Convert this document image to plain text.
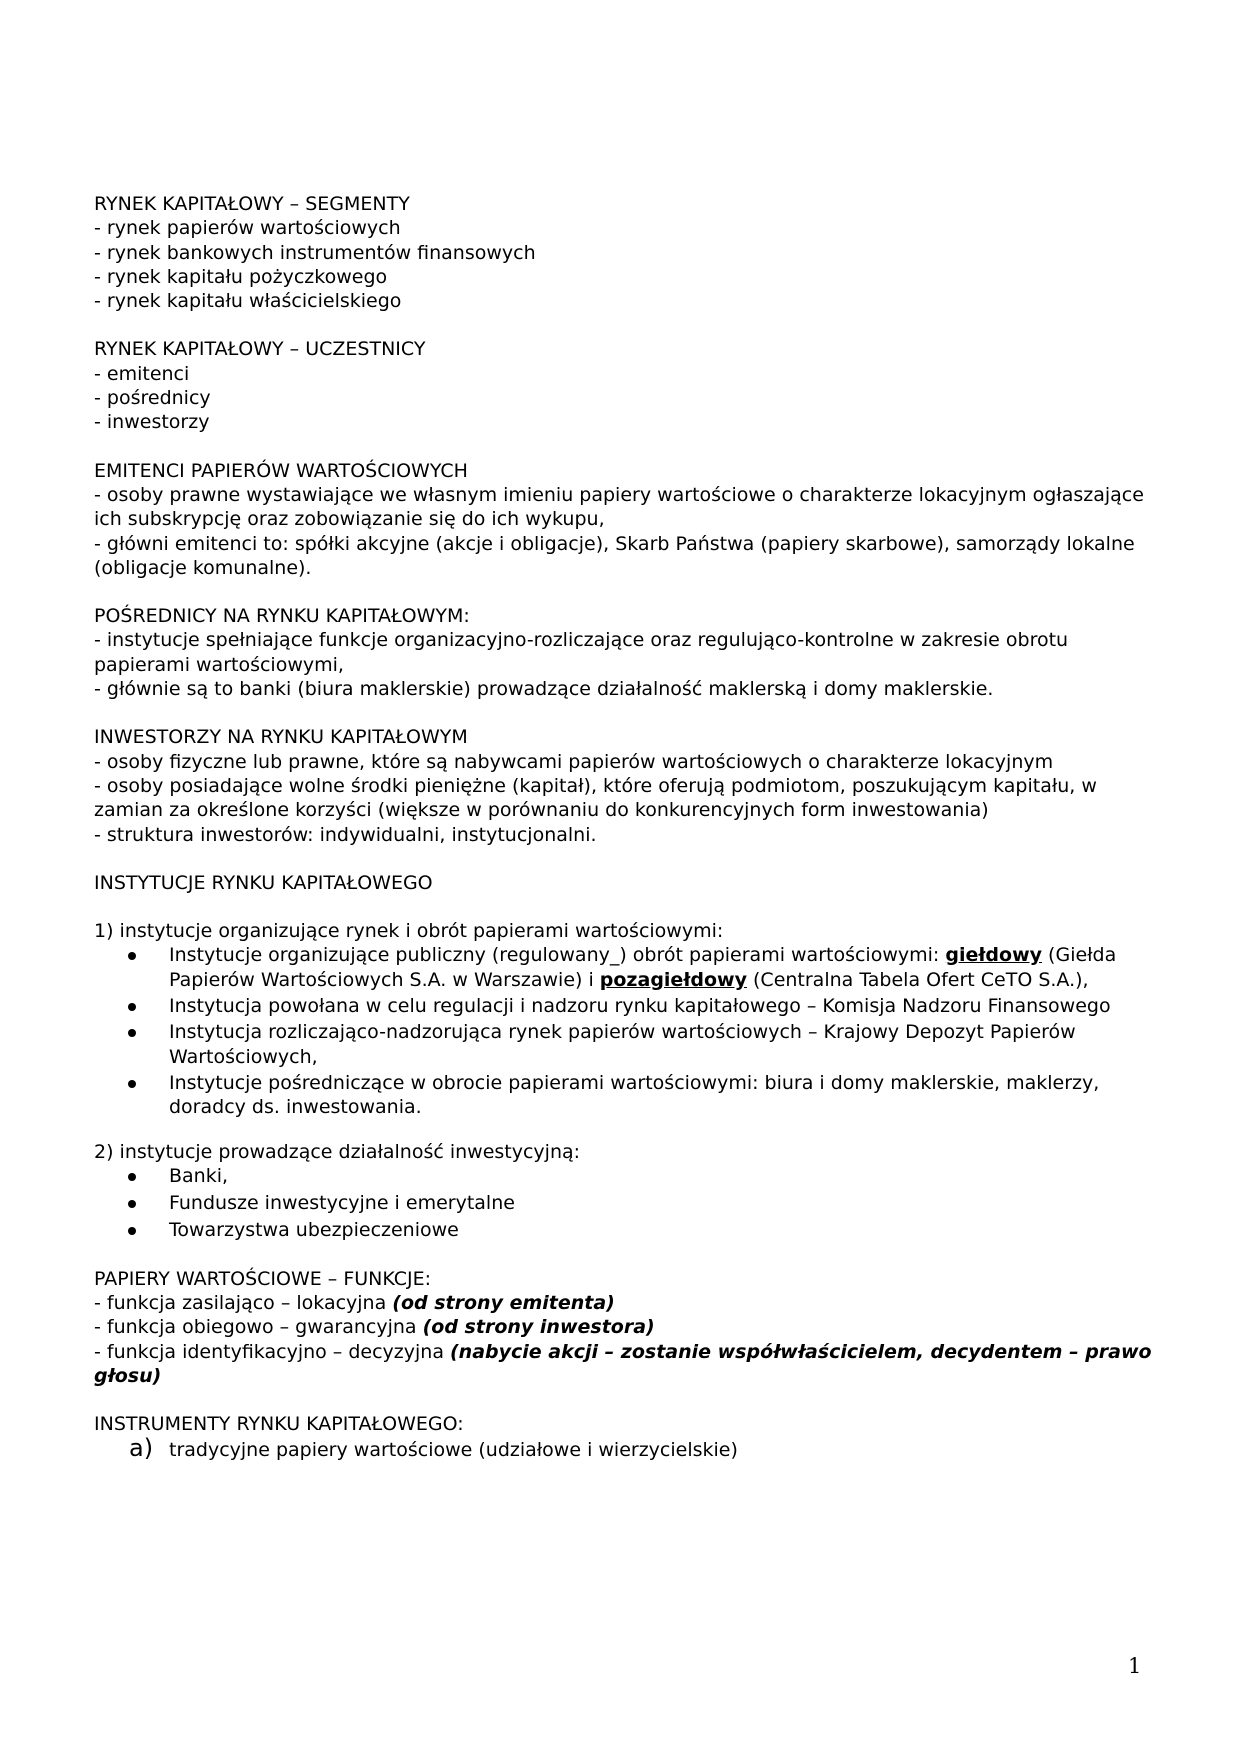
RYNEK KAPITAŁOWY – SEGMENTY

- rynek papierów wartościowych

- rynek bankowych instrumentów finansowych

- rynek kapitału pożyczkowego

- rynek kapitału właścicielskiego

RYNEK KAPITAŁOWY – UCZESTNICY

- emitenci

- pośrednicy

- inwestorzy

EMITENCI PAPIERÓW WARTOŚCIOWYCH

- osoby prawne wystawiające we własnym imieniu papiery wartościowe o charakterze lokacyjnym ogłaszające ich subskrypcję oraz zobowiązanie się do ich wykupu,

- główni emitenci to: spółki akcyjne (akcje i obligacje), Skarb Państwa (papiery skarbowe), samorządy lokalne (obligacje komunalne).

POŚREDNICY NA RYNKU KAPITAŁOWYM:

- instytucje spełniające funkcje organizacyjno-rozliczające oraz regulująco-kontrolne w zakresie obrotu papierami wartościowymi,

- głównie są to banki (biura maklerskie) prowadzące działalność maklerską i domy maklerskie.

INWESTORZY NA RYNKU KAPITAŁOWYM

- osoby fizyczne lub prawne, które są nabywcami papierów wartościowych o charakterze lokacyjnym

- osoby posiadające wolne środki pieniężne (kapitał), które oferują podmiotom, poszukującym kapitału, w zamian za określone korzyści (większe w porównaniu do konkurencyjnych form inwestowania)

- struktura inwestorów: indywidualni, instytucjonalni.

INSTYTUCJE RYNKU KAPITAŁOWEGO

1) instytucje organizujące rynek i obrót papierami wartościowymi:

Instytucje organizujące publiczny (regulowany_) obrót papierami wartościowymi: giełdowy (Giełda Papierów Wartościowych S.A. w Warszawie) i pozagiełdowy (Centralna Tabela Ofert CeTO S.A.),
Instytucja powołana w celu regulacji i nadzoru rynku kapitałowego – Komisja Nadzoru Finansowego
Instytucja rozliczająco-nadzorująca rynek papierów wartościowych – Krajowy Depozyt Papierów Wartościowych,
Instytucje pośredniczące w obrocie papierami wartościowymi: biura i domy maklerskie, maklerzy, doradcy ds. inwestowania.

2) instytucje prowadzące działalność inwestycyjną:

Banki,
Fundusze inwestycyjne i emerytalne
Towarzystwa ubezpieczeniowe

PAPIERY WARTOŚCIOWE – FUNKCJE:

- funkcja zasilająco – lokacyjna (od strony emitenta)

- funkcja obiegowo – gwarancyjna (od strony inwestora)

- funkcja identyfikacyjno – decyzyjna (nabycie akcji – zostanie współwłaścicielem, decydentem – prawo głosu)

INSTRUMENTY RYNKU KAPITAŁOWEGO:

a) tradycyjne papiery wartościowe (udziałowe i wierzycielskie)

1
